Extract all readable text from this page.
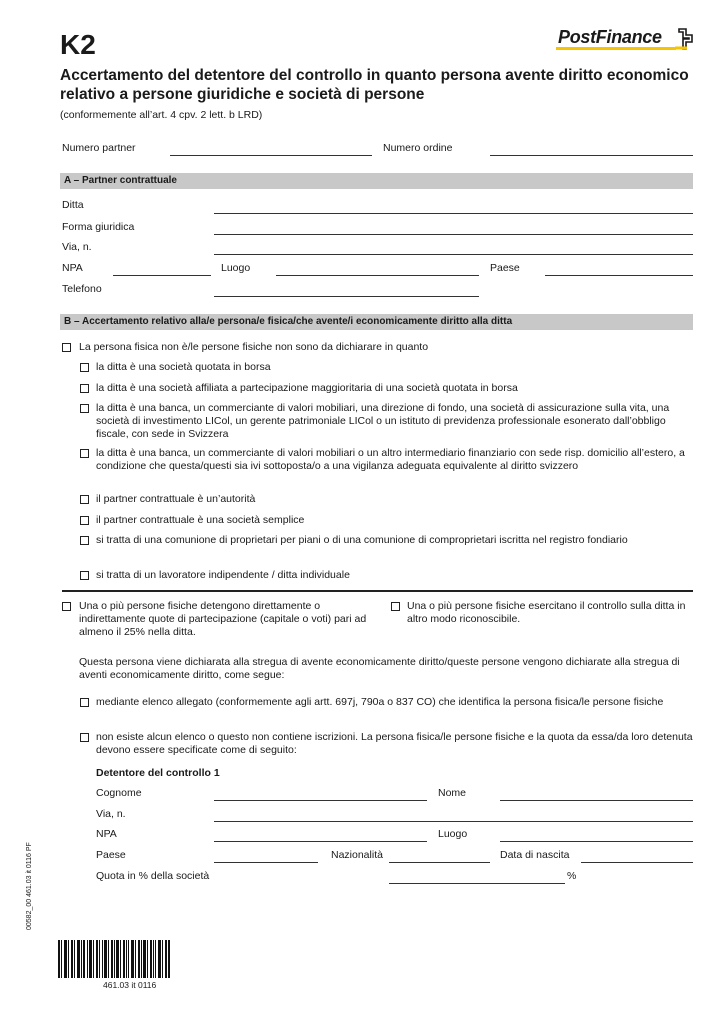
K2	PostFinance
Accertamento del detentore del controllo in quanto persona avente diritto economico relativo a persone giuridiche e società di persone
(conformemente all’art. 4 cpv. 2 lett. b LRD)
Numero partner	Numero ordine
A – Partner contrattuale
Ditta
Forma giuridica
Via, n.
NPA	Luogo	Paese
Telefono
B – Accertamento relativo alla/e persona/e fisica/che avente/i economicamente diritto alla ditta
La persona fisica non è/le persone fisiche non sono da dichiarare in quanto
la ditta è una società quotata in borsa
la ditta è una società affiliata a partecipazione maggioritaria di una società quotata in borsa
la ditta è una banca, un commerciante di valori mobiliari, una direzione di fondo, una società di assicurazione sulla vita, una società di investimento LICol, un gerente patrimoniale LICol o un istituto di previdenza professionale esonerato dall’obbligo fiscale, con sede in Svizzera
la ditta è una banca, un commerciante di valori mobiliari o un altro intermediario finanziario con sede risp. domicilio all’estero, a condizione che questa/questi sia ivi sottoposta/o a una vigilanza adeguata equivalente al diritto svizzero
il partner contrattuale è un’autorità
il partner contrattuale è una società semplice
si tratta di una comunione di proprietari per piani o di una comunione di comproprietari iscritta nel registro fondiario
si tratta di un lavoratore indipendente / ditta individuale
Una o più persone fisiche detengono direttamente o indirettamente quote di partecipazione (capitale o voti) pari ad almeno il 25% nella ditta.
Una o più persone fisiche esercitano il controllo sulla ditta in altro modo riconoscibile.
Questa persona viene dichiarata alla stregua di avente economicamente diritto/queste persone vengono dichiarate alla stregua di aventi economicamente diritto, come segue:
mediante elenco allegato (conformemente agli artt. 697j, 790a o 837 CO) che identifica la persona fisica/le persone fisiche
non esiste alcun elenco o questo non contiene iscrizioni. La persona fisica/le persone fisiche e la quota da essa/da loro detenuta devono essere specificate come di seguito:
Detentore del controllo 1
Cognome	Nome
Via, n.
NPA	Luogo
Paese	Nazionalità	Data di nascita
Quota in % della società	%
00582_00 461.03 it 0116 PF
461.03 it 0116
